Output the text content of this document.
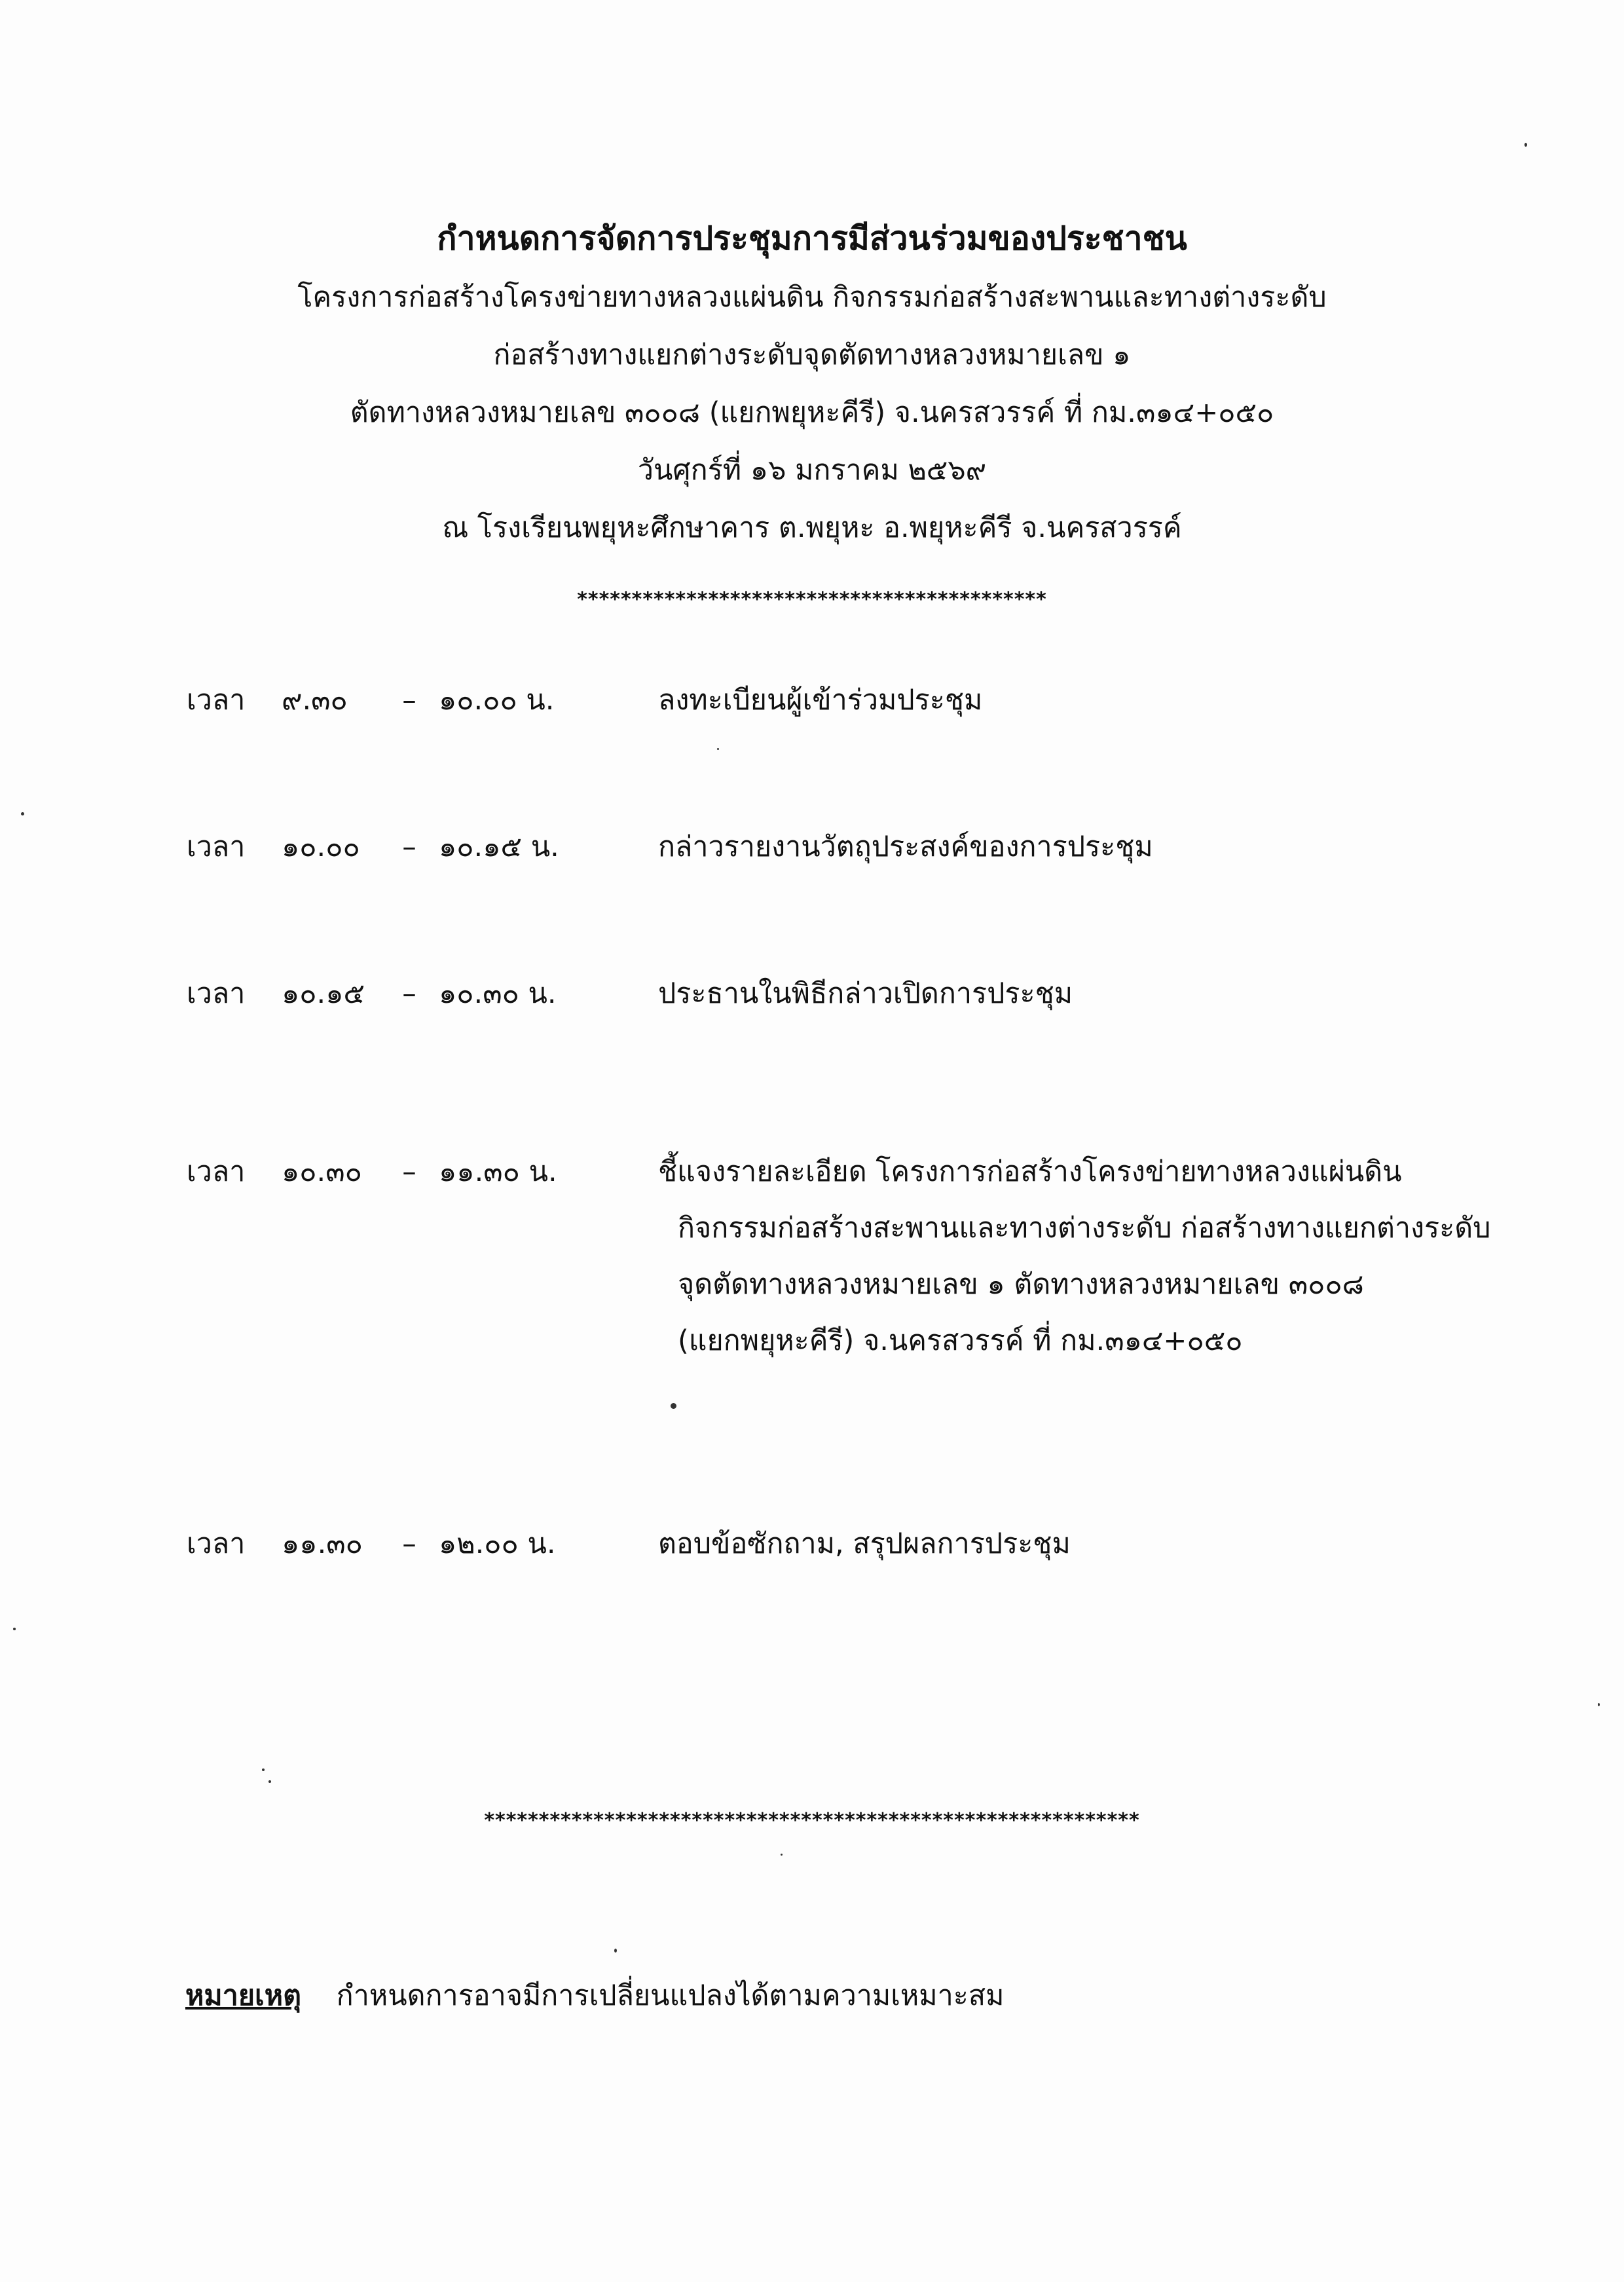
กำหนดการจัดการประชุมการมีส่วนร่วมของประชาชน

โครงการก่อสร้างโครงข่ายทางหลวงแผ่นดิน กิจกรรมก่อสร้างสะพานและทางต่างระดับ

ก่อสร้างทางแยกต่างระดับจุดตัดทางหลวงหมายเลข ๑

ตัดทางหลวงหมายเลข ๓๐๐๘ (แยกพยุหะคีรี) จ.นครสวรรค์ ที่ กม.๓๑๔+๐๕๐

วันศุกร์ที่ ๑๖ มกราคม ๒๕๖๙

ณ โรงเรียนพยุหะศึกษาคาร ต.พยุหะ อ.พยุหะคีรี จ.นครสวรรค์

*******************************************
เวลา	๙.๓๐	– ๑๐.๐๐ น.	ลงทะเบียนผู้เข้าร่วมประชุม
เวลา	๑๐.๐๐	– ๑๐.๑๕ น.	กล่าวรายงานวัตถุประสงค์ของการประชุม
เวลา	๑๐.๑๕	– ๑๐.๓๐ น.	ประธานในพิธีกล่าวเปิดการประชุม
เวลา	๑๐.๓๐	– ๑๑.๓๐ น.	ชี้แจงรายละเอียด โครงการก่อสร้างโครงข่ายทางหลวงแผ่นดิน
กิจกรรมก่อสร้างสะพานและทางต่างระดับ ก่อสร้างทางแยกต่างระดับ
จุดตัดทางหลวงหมายเลข ๑ ตัดทางหลวงหมายเลข ๓๐๐๘
(แยกพยุหะคีรี) จ.นครสวรรค์ ที่ กม.๓๑๔+๐๕๐
เวลา	๑๑.๓๐	– ๑๒.๐๐ น.	ตอบข้อซักถาม, สรุปผลการประชุม
************************************************************
หมายเหตุ กำหนดการอาจมีการเปลี่ยนแปลงได้ตามความเหมาะสม
